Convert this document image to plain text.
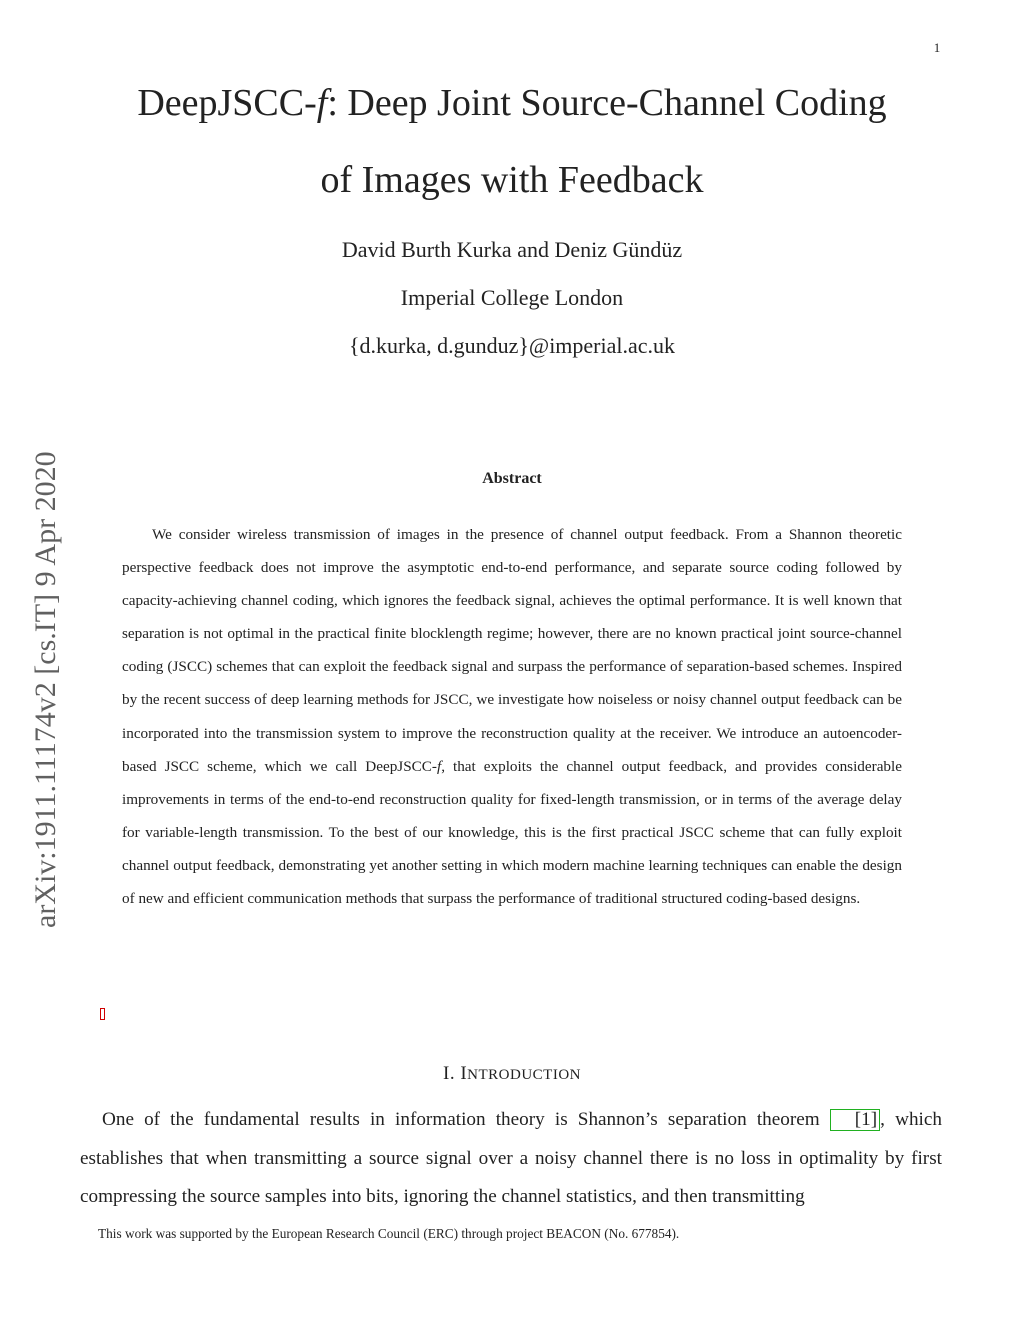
1
DeepJSCC-f: Deep Joint Source-Channel Coding
of Images with Feedback
David Burth Kurka and Deniz Gündüz
Imperial College London
{d.kurka, d.gunduz}@imperial.ac.uk
arXiv:1911.11174v2 [cs.IT] 9 Apr 2020	Abstract

We consider wireless transmission of images in the presence of channel output feedback. From a Shannon theoretic perspective feedback does not improve the asymptotic end-to-end performance, and separate source coding followed by capacity-achieving channel coding, which ignores the feedback signal, achieves the optimal performance. It is well known that separation is not optimal in the practical finite blocklength regime; however, there are no known practical joint source-channel coding (JSCC) schemes that can exploit the feedback signal and surpass the performance of separation-based schemes. Inspired by the recent success of deep learning methods for JSCC, we investigate how noiseless or noisy channel output feedback can be incorporated into the transmission system to improve the reconstruction quality at the receiver. We introduce an autoencoder-based JSCC scheme, which we call DeepJSCC-f, that exploits the channel output feedback, and provides considerable improvements in terms of the end-to-end reconstruction quality for fixed-length transmission, or in terms of the average delay for variable-length transmission. To the best of our knowledge, this is the first practical JSCC scheme that can fully exploit channel output feedback, demonstrating yet another setting in which modern machine learning techniques can enable the design of new and efficient communication methods that surpass the performance of traditional structured coding-based designs.

I. INTRODUCTION

One of the fundamental results in information theory is Shannon’s separation theorem [1] , which establishes that when transmitting a source signal over a noisy channel there is no loss in optimality by first compressing the source samples into bits, ignoring the channel statistics, and then transmitting

This work was supported by the European Research Council (ERC) through project BEACON (No. 677854).
